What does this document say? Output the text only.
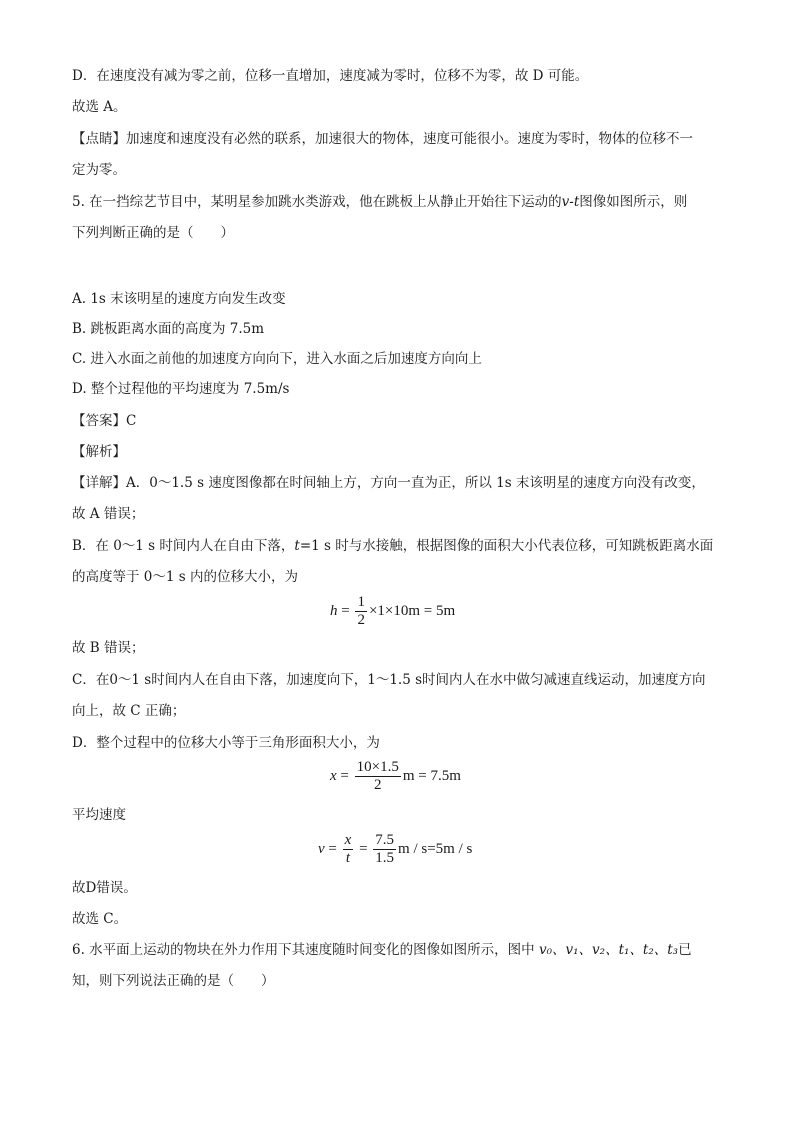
D．在速度没有减为零之前，位移一直增加，速度减为零时，位移不为零，故 D 可能。
故选 A。
【点睛】加速度和速度没有必然的联系，加速很大的物体，速度可能很小。速度为零时，物体的位移不一
定为零。
5. 在一挡综艺节目中，某明星参加跳水类游戏，他在跳板上从静止开始往下运动的v-t图像如图所示，则
下列判断正确的是（　　）
A. 1s 末该明星的速度方向发生改变
B. 跳板距离水面的高度为 7.5m
C. 进入水面之前他的加速度方向向下，进入水面之后加速度方向向上
D. 整个过程他的平均速度为 7.5m/s
【答案】C
【解析】
【详解】A．0～1.5 s 速度图像都在时间轴上方，方向一直为正，所以 1s 末该明星的速度方向没有改变，
故 A 错误；
B．在 0～1 s 时间内人在自由下落，t=1 s 时与水接触，根据图像的面积大小代表位移，可知跳板距离水面
的高度等于 0～1 s 内的位移大小，为
$h = \frac{1}{2} \times 1\times 10m = 5m$
故 B 错误；
C．在0～1 s时间内人在自由下落，加速度向下，1～1.5 s时间内人在水中做匀减速直线运动，加速度方向
向上，故 C 正确；
D．整个过程中的位移大小等于三角形面积大小，为
$x = \frac{10\times 1.5}{2}$ m = 7.5m
平均速度
$v = \frac{x}{t} = \frac{7.5}{1.5}$ m / s=5m / s
故D错误。
故选 C。
6. 水平面上运动的物块在外力作用下其速度随时间变化的图像如图所示，图中 v₀、v₁、v₂、t₁、t₂、t₃已
知，则下列说法正确的是（　　）
